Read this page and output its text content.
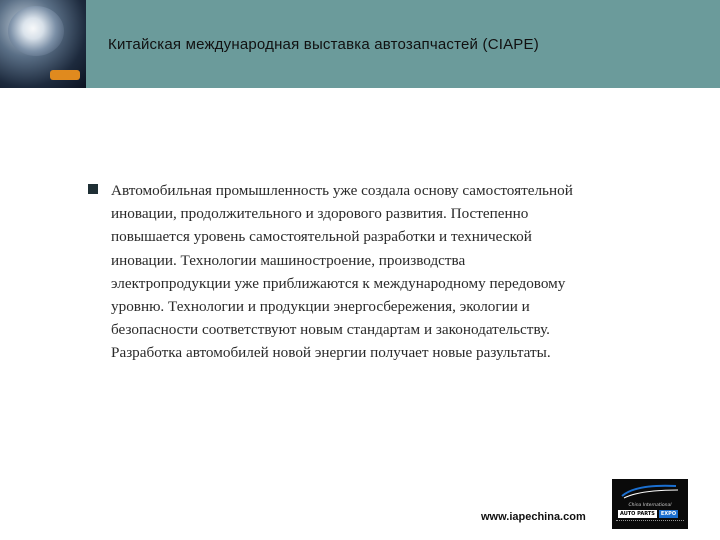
Китайская международная выставка автозапчастей (CIAPE)
Автомобильная промышленность уже создала основу самостоятельной иновации, продолжительного и здорового развития. Постепенно повышается уровень самостоятельной разработки и технической иновации. Технологии машиностроение, производства электропродукции уже приближаются к международному передовому уровню. Технологии и продукции энергосбережения, экологии и безопасности соответствуют новым стандартам и законодательству. Разработка автомобилей новой энергии получает новые разультаты.
www.iapechina.com
China International
AUTO PARTS	EXPO
